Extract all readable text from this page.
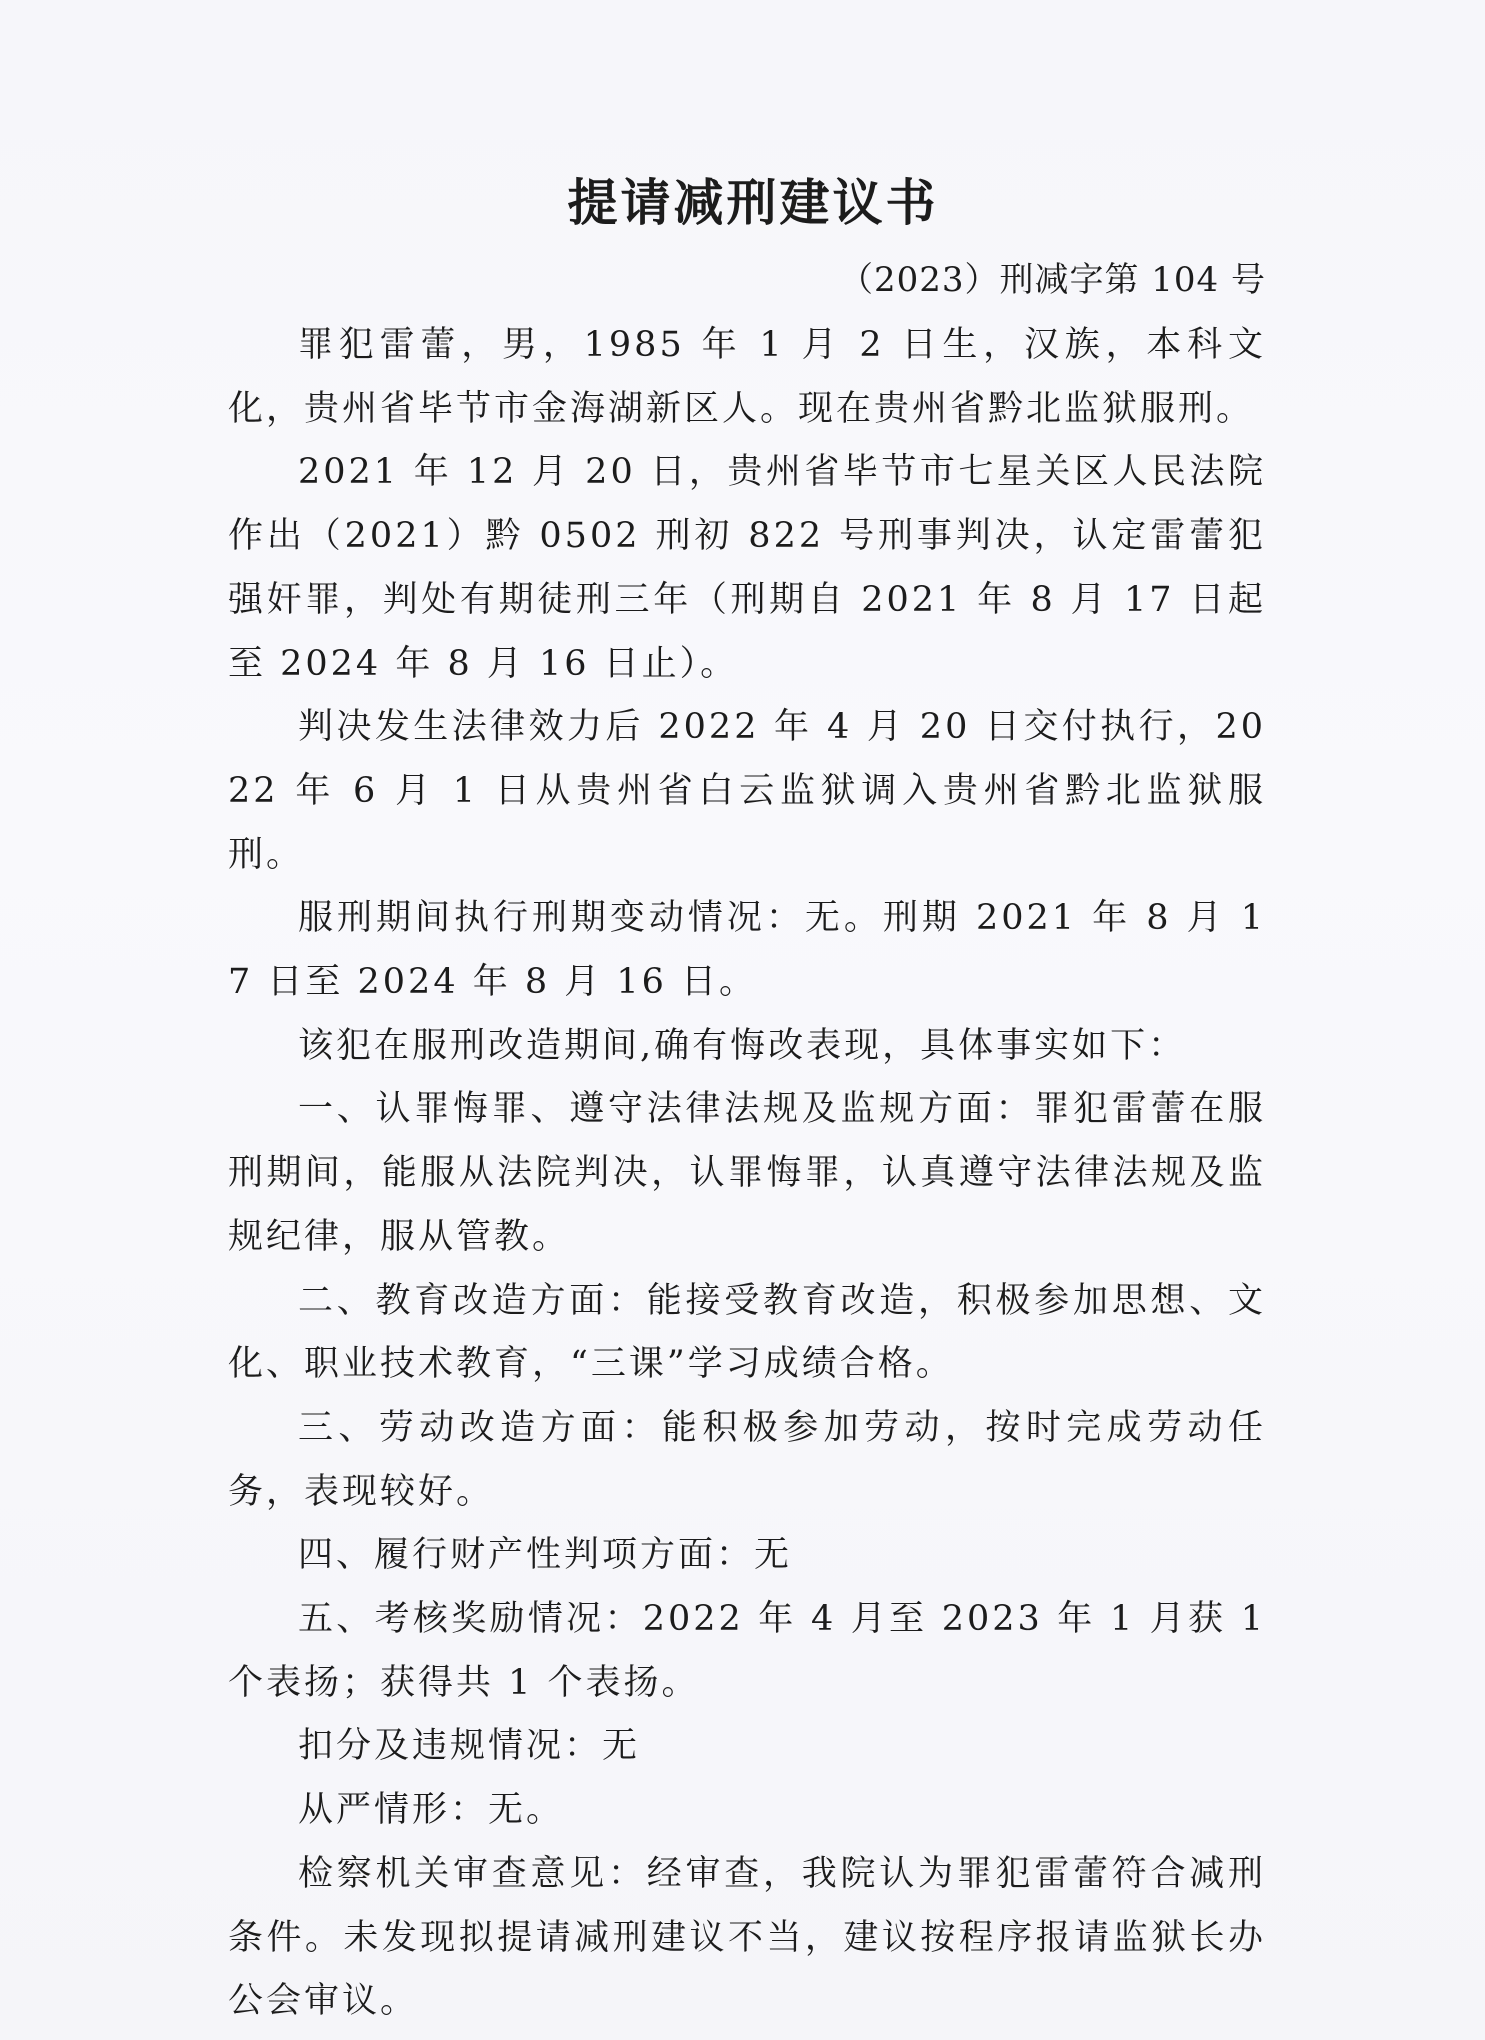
提请减刑建议书
（2023）刑减字第 104 号

罪犯雷蕾，男，1985 年 1 月 2 日生，汉族，本科文化，贵州省毕节市金海湖新区人。现在贵州省黔北监狱服刑。

2021 年 12 月 20 日，贵州省毕节市七星关区人民法院作出（2021）黔 0502 刑初 822 号刑事判决，认定雷蕾犯强奸罪，判处有期徒刑三年（刑期自 2021 年 8 月 17 日起至 2024 年 8 月 16 日止）。

判决发生法律效力后 2022 年 4 月 20 日交付执行，2022 年 6 月 1 日从贵州省白云监狱调入贵州省黔北监狱服刑。

服刑期间执行刑期变动情况：无。刑期 2021 年 8 月 17 日至 2024 年 8 月 16 日。

该犯在服刑改造期间,确有悔改表现，具体事实如下：

一、认罪悔罪、遵守法律法规及监规方面：罪犯雷蕾在服刑期间，能服从法院判决，认罪悔罪，认真遵守法律法规及监规纪律，服从管教。

二、教育改造方面：能接受教育改造，积极参加思想、文化、职业技术教育，“三课”学习成绩合格。

三、劳动改造方面：能积极参加劳动，按时完成劳动任务，表现较好。

四、履行财产性判项方面：无

五、考核奖励情况：2022 年 4 月至 2023 年 1 月获 1 个表扬；获得共 1 个表扬。

扣分及违规情况：无

从严情形：无。

检察机关审查意见：经审查，我院认为罪犯雷蕾符合减刑条件。未发现拟提请减刑建议不当，建议按程序报请监狱长办公会审议。
